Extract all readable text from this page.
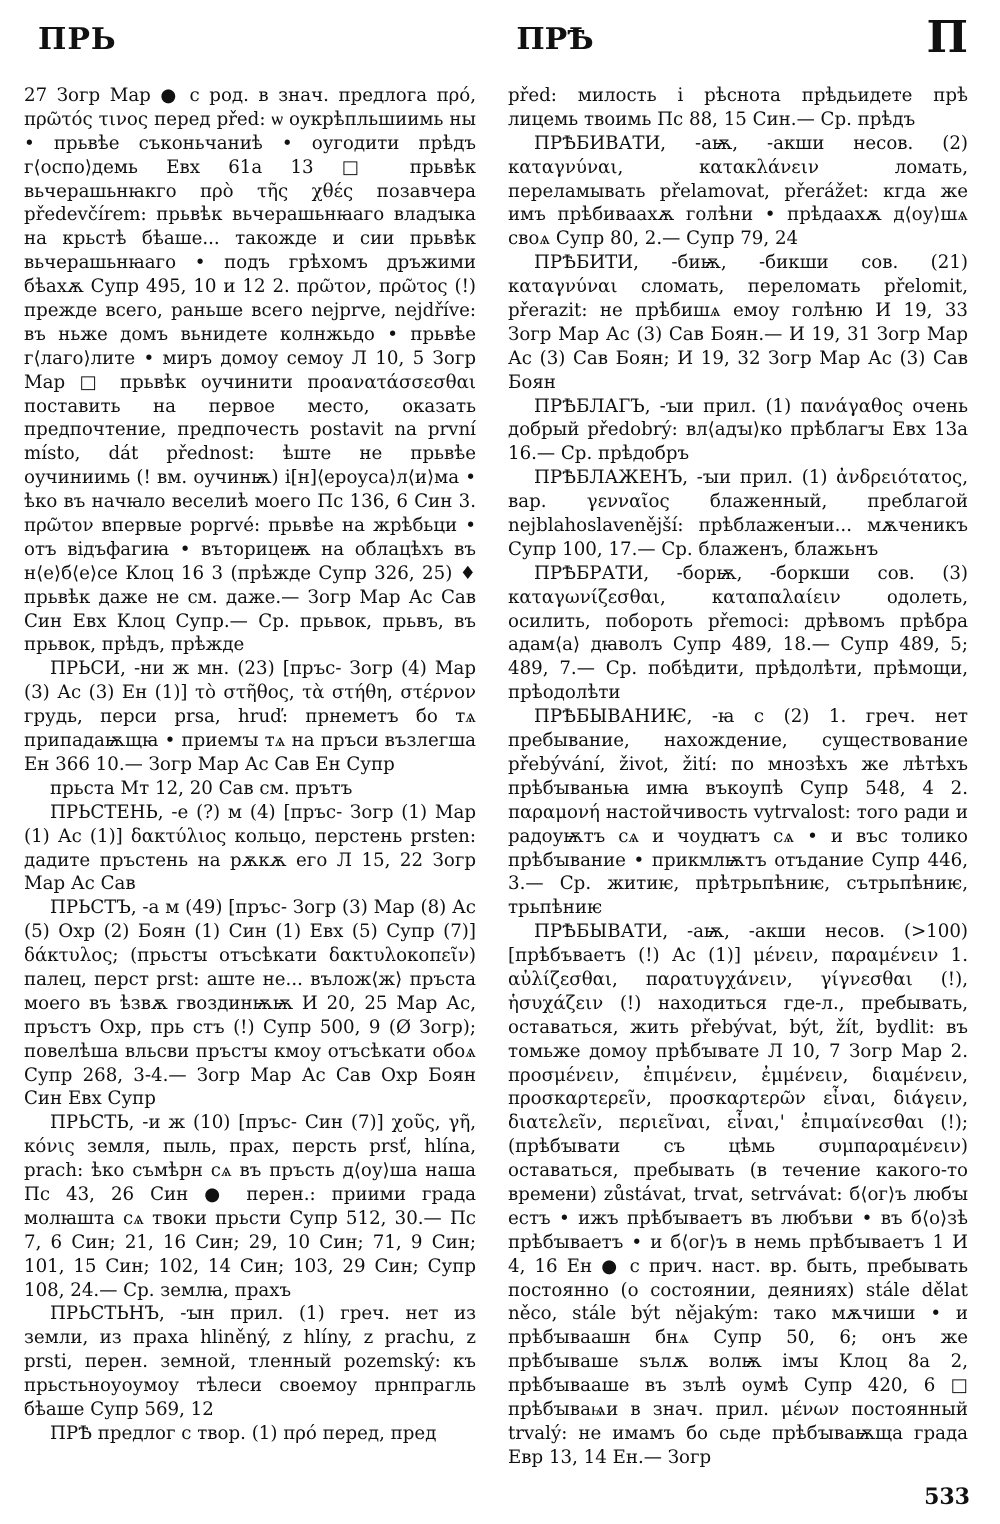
ПРЬ	ПРѢ	П

27 Зогр Мар ● с род. в знач. предлога πρό, πρῶτός τινος перед před: ѡ оукрѣпльшиимь ны • прьвѣе съконьчаниѣ • оугодити прѣдъ г⟨оспо⟩демь Евх 61а 13 □ прьвѣк вьчерашьнꙗкго πρὸ τῆς χθές позавчера předevčírem: прьвѣк вьчерашьнꙗаго владꙑка на крьстѣ бѣаше... такожде и сии прьвѣк вьчерашьнꙗаго • подъ грѣхомъ дръжими бѣахѫ Супр 495, 10 и 12 2. πρῶτον, πρῶτος (!) прежде всего, раньше всего nejprve, nejdříve: въ ньже домъ вьнидете колнжьдо • прьвѣе г⟨лаго⟩лите • миръ домоу семоу Л 10, 5 Зогр Мар □ прьвѣк оучинити προανατάσσεσθαι поставить на первое место, оказать предпочтение, предпочесть postavit na první místo, dát přednost: ѣште не прьвѣе оучиниимь (! вм. оучинѭ) i[н]⟨ероуса⟩л⟨и⟩ма • ѣко въ начꙗло веселиѣ моего Пс 136, 6 Син 3. πρῶτον впервые poprvé: прьвѣе на жрѣбьци • отъ вiдъфагиꙗ • въторицеѭ на облацѣхъ въ н⟨е⟩б⟨е⟩се Клоц 16 3 (прѣжде Супр 326, 25) ♦ прьвѣк даже не см. даже.— Зогр Мар Ас Сав Син Евх Клоц Супр.— Ср. прьвок, прьвъ, въ прьвок, прѣдъ, прѣжде

ПРЬСИ, -ни ж мн. (23) [пръс- Зогр (4) Мар (3) Ас (3) Ен (1)] τὸ στῆθος, τὰ στήθη, στέρνον грудь, перси prsa, hruď: прнеметъ бо тѧ припадаѭщꙗ • приемꙑ тѧ на пръси възлегша Ен 366 10.— Зогр Мар Ас Сав Ен Супр

прьста Мт 12, 20 Сав см. прътъ

ПРЬСТЕНЬ, -е (?) м (4) [пръс- Зогр (1) Мар (1) Ас (1)] δακτύλιος кольцо, перстень prsten: дадите пръстень на рѫкѫ его Л 15, 22 Зогр Мар Ас Сав

ПРЬСТЪ, -а м (49) [пръс- Зогр (3) Мар (8) Ас (5) Охр (2) Боян (1) Син (1) Евх (5) Супр (7)] δάκτυλος; (прьстꙑ отъсѣкати δακτυλοκοπεῖν) палец, перст prst: аште не... вълож⟨ж⟩ пръста моего въ ѣзвѫ гвоздинѭѭ И 20, 25 Мар Ас, пръстъ Охр, прь стъ (!) Супр 500, 9 (Ø Зогр); повелѣша вльсви пръстꙑ кмоу отъсѣкати обоѧ Супр 268, 3-4.— Зогр Мар Ас Сав Охр Боян Син Евх Супр

ПРЬСТЬ, -и ж (10) [пръс- Син (7)] χοῦς, γῆ, κόνις земля, пыль, прах, персть prsť, hlína, prach: ѣко съмѣрн сѧ въ пръсть д⟨оу⟩ша наша Пс 43, 26 Син ● перен.: приими града молꙗшта сѧ твоки прьсти Супр 512, 30.— Пс 7, 6 Син; 21, 16 Син; 29, 10 Син; 71, 9 Син; 101, 15 Син; 102, 14 Син; 103, 29 Син; Супр 108, 24.— Ср. землꙗ, прахъ

ПРЬСТЬНЪ, -ꙑн прил. (1) греч. нет из земли, из праха hliněný, z hlíny, z prachu, z prsti, перен. земной, тленный pozemský: къ прьстьноуоумоу тѣлеси своемоу прнпрагль бѣаше Супр 569, 12

ПРѢ предлог с твор. (1) πρό перед, пред

před: милость i рѣснота прѣдьидете прѣ лицемь твоимь Пс 88, 15 Син.— Ср. прѣдъ

ПРѢБИВАТИ, -аѭ, -акши несов. (2) καταγνύναι, κατακλάνειν ломать, переламывать přelamovat, přerážet: кгда же имъ прѣбиваахѫ голѣни • прѣдаахѫ д⟨оу⟩шѧ своѧ Супр 80, 2.— Супр 79, 24

ПРѢБИТИ, -биѭ, -бикши сов. (21) καταγνύναι сломать, переломать přelomit, přerazit: не прѣбишѧ емоу голѣню И 19, 33 Зогр Мар Ас (3) Сав Боян.— И 19, 31 Зогр Мар Ас (3) Сав Боян; И 19, 32 Зогр Мар Ас (3) Сав Боян

ПРѢБЛАГЪ, -ꙑи прил. (1) πανάγαθος очень добрый předobrý: вл⟨адꙑ⟩ко прѣблагꙑ Евх 13а 16.— Ср. прѣдобръ

ПРѢБЛАЖЕНЪ, -ꙑи прил. (1) ἀνδρειότατος, вар. γενναῖος блаженный, преблагой nejblahoslavenější: прѣблаженꙑи... мѫченикъ Супр 100, 17.— Ср. блаженъ, блажьнъ

ПРѢБРАТИ, -борѭ, -боркши сов. (3) καταγωνίζεσθαι, καταπαλαίειν одолеть, осилить, побороть přemoci: дрѣвомъ прѣбра адам⟨а⟩ дꙗволъ Супр 489, 18.— Супр 489, 5; 489, 7.— Ср. побѣдити, прѣдолѣти, прѣмощи, прѣодолѣти

ПРѢБЫВАНИѤ, -ꙗ с (2) 1. греч. нет пребывание, нахождение, существование přebývání, život, žití: по мнозѣхъ же лѣтѣхъ прѣбꙑваньꙗ имꙗ въкоупѣ Супр 548, 4 2. παραμονή настойчивость vytrvalost: того ради и радоуѭтъ сѧ и чоудꙗтъ сѧ • и въс толико прѣбꙑвание • прикмлѭтъ отъдание Супр 446, 3.— Ср. житиѥ, прѣтрьпѣниѥ, сътрьпѣниѥ, трьпѣниѥ

ПРѢБЫВАТИ, -аѭ, -акши несов. (>100) [прѣбъваетъ (!) Ас (1)] μένειν, παραμένειν 1. αὐλίζεσθαι, παρατυγχάνειν, γίγνεσθαι (!), ἡσυχάζειν (!) находиться где-л., пребывать, оставаться, жить přebývat, být, žít, bydlit: въ томьже домоу прѣбꙑвате Л 10, 7 Зогр Мар 2. προσμένειν, ἐπιμένειν, ἐμμένειν, διαμένειν, προσκαρτερεῖν, προσκαρτερῶν εἶναι, διάγειν, διατελεῖν, περιεῖναι, εἶναι,' ἐπιμαίνεσθαι (!); (прѣбꙑвати съ цѣмь συμπαραμένειν) оставаться, пребывать (в течение какого-то времени) zůstávat, trvat, setrvávat: б⟨ог⟩ъ любꙑ естъ • ижъ прѣбꙑваетъ въ любъви • въ б⟨о⟩зѣ прѣбꙑваетъ • и б⟨ог⟩ъ в немь прѣбꙑваетъ 1 И 4, 16 Ен ● с прич. наст. вр. быть, пребывать постоянно (о состоянии, деяниях) stále dělat něco, stále být nějakým: тако мѫчиши • и прѣбꙑваашн бнѧ Супр 50, 6; онъ же прѣбꙑваше ѕълѫ волѭ iмꙑ Клоц 8а 2, прѣбꙑвааше въ зълѣ оумѣ Супр 420, 6 □ прѣбꙑваѩи в знач. прил. μένων постоянный trvalý: не имамъ бо сьде прѣбꙑваѭща града Евр 13, 14 Ен.— Зогр

533
